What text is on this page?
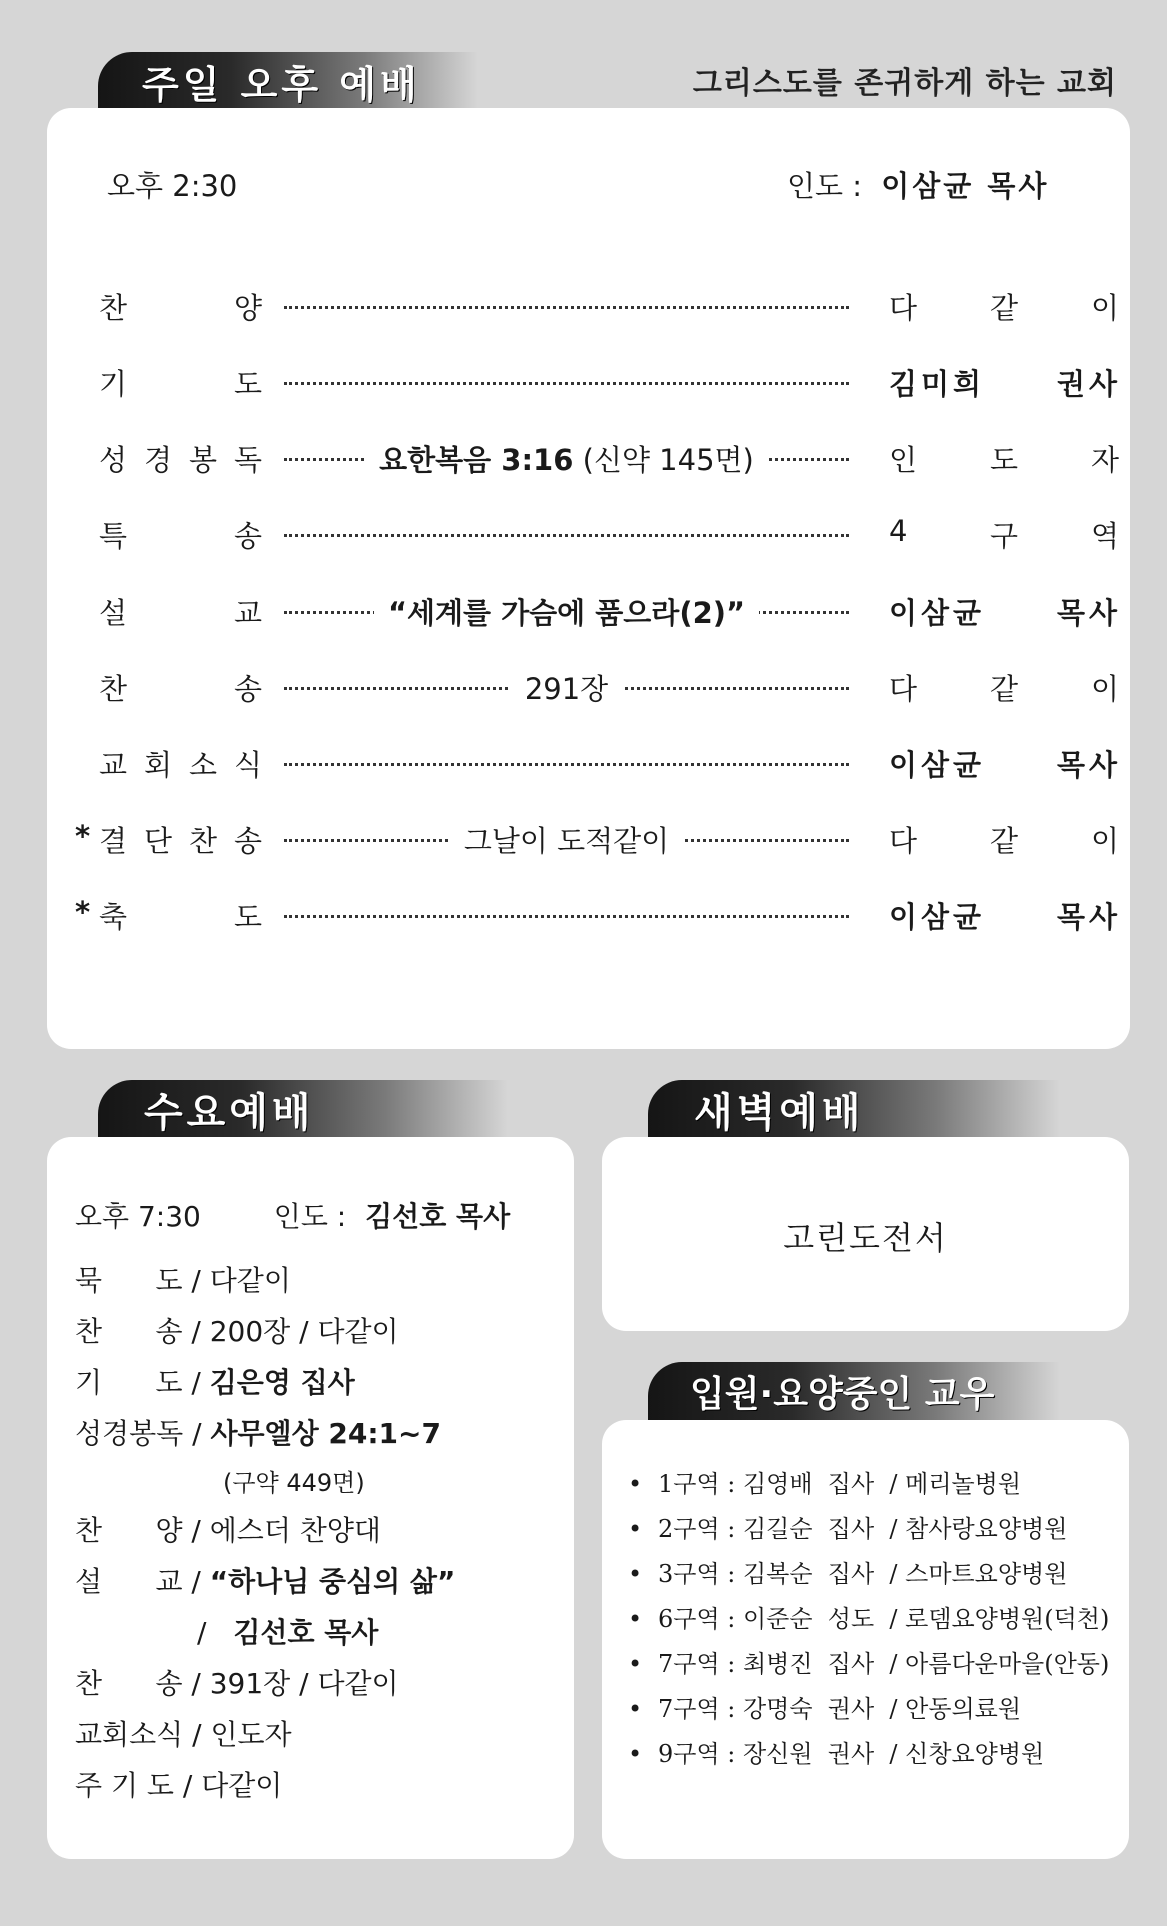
주일 오후 예배	그리스도를 존귀하게 하는 교회
오후 2:30	인도 : 이삼균 목사
찬	양	다	같	이
기	도	김미희 권사
성 경 봉 독	요한복음 3:16 (신약 145면)	인	도	자
특	송	4	구	역
설	교	“세계를 가슴에 품으라(2)”	이삼균 목사
찬	송	291장	다	같	이
교 회 소 식	이삼균 목사
* 결 단 찬 송	그날이 도적같이	다	같	이
* 축	도	이삼균 목사
수요예배
오후 7:30	인도 : 김선호 목사
묵      도 / 다같이
찬      송 / 200장 / 다같이
기      도 / 김은영 집사
성경봉독 / 사무엘상 24:1~7
(구약 449면)
찬      양 / 에스더 찬양대
설      교 / “하나님 중심의 삶”
/ 김선호 목사
찬      송 / 391장 / 다같이
교회소식 / 인도자
주 기 도 / 다같이
새벽예배
고린도전서
입원·요양중인 교우
• 1구역 : 김영배  집사  / 메리놀병원
• 2구역 : 김길순  집사  / 참사랑요양병원
• 3구역 : 김복순  집사  / 스마트요양병원
• 6구역 : 이준순  성도  / 로뎀요양병원(덕천)
• 7구역 : 최병진  집사  / 아름다운마을(안동)
• 7구역 : 강명숙  권사  / 안동의료원
• 9구역 : 장신원  권사  / 신창요양병원
